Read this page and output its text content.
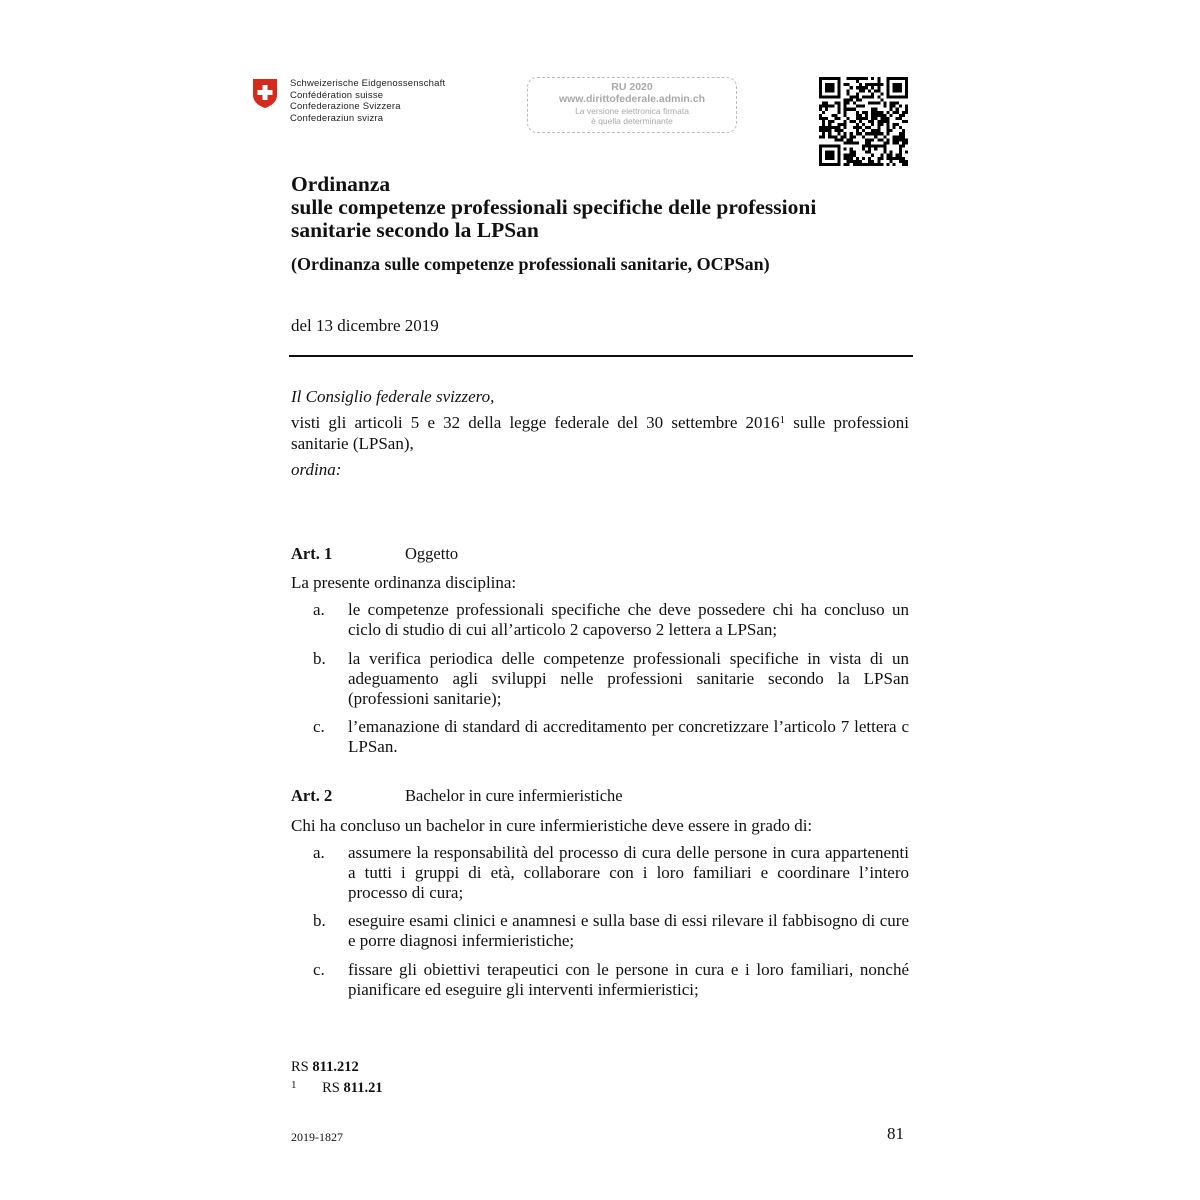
Schweizerische Eidgenossenschaft
Confédération suisse
Confederazione Svizzera
Confederaziun svizra
RU 2020
www.dirittofederale.admin.ch
La versione elettronica firmata
è quella determinante
Ordinanza
sulle competenze professionali specifiche delle professioni
sanitarie secondo la LPSan
(Ordinanza sulle competenze professionali sanitarie, OCPSan)
del 13 dicembre 2019
Il Consiglio federale svizzero,
visti gli articoli 5 e 32 della legge federale del 30 settembre 2016$^1$ sulle professioni sanitarie (LPSan),
ordina:
Art. 1	Oggetto
La presente ordinanza disciplina:
a. le competenze professionali specifiche che deve possedere chi ha concluso un ciclo di studio di cui all’articolo 2 capoverso 2 lettera a LPSan;
b. la verifica periodica delle competenze professionali specifiche in vista di un adeguamento agli sviluppi nelle professioni sanitarie secondo la LPSan (professioni sanitarie);
c. l’emanazione di standard di accreditamento per concretizzare l’articolo 7 lettera c LPSan.
Art. 2	Bachelor in cure infermieristiche
Chi ha concluso un bachelor in cure infermieristiche deve essere in grado di:
a. assumere la responsabilità del processo di cura delle persone in cura appartenenti a tutti i gruppi di età, collaborare con i loro familiari e coordinare l’intero processo di cura;
b. eseguire esami clinici e anamnesi e sulla base di essi rilevare il fabbisogno di cure e porre diagnosi infermieristiche;
c. fissare gli obiettivi terapeutici con le persone in cura e i loro familiari, nonché pianificare ed eseguire gli interventi infermieristici;
RS 811.212
$^1$ RS 811.21
2019-1827	81
